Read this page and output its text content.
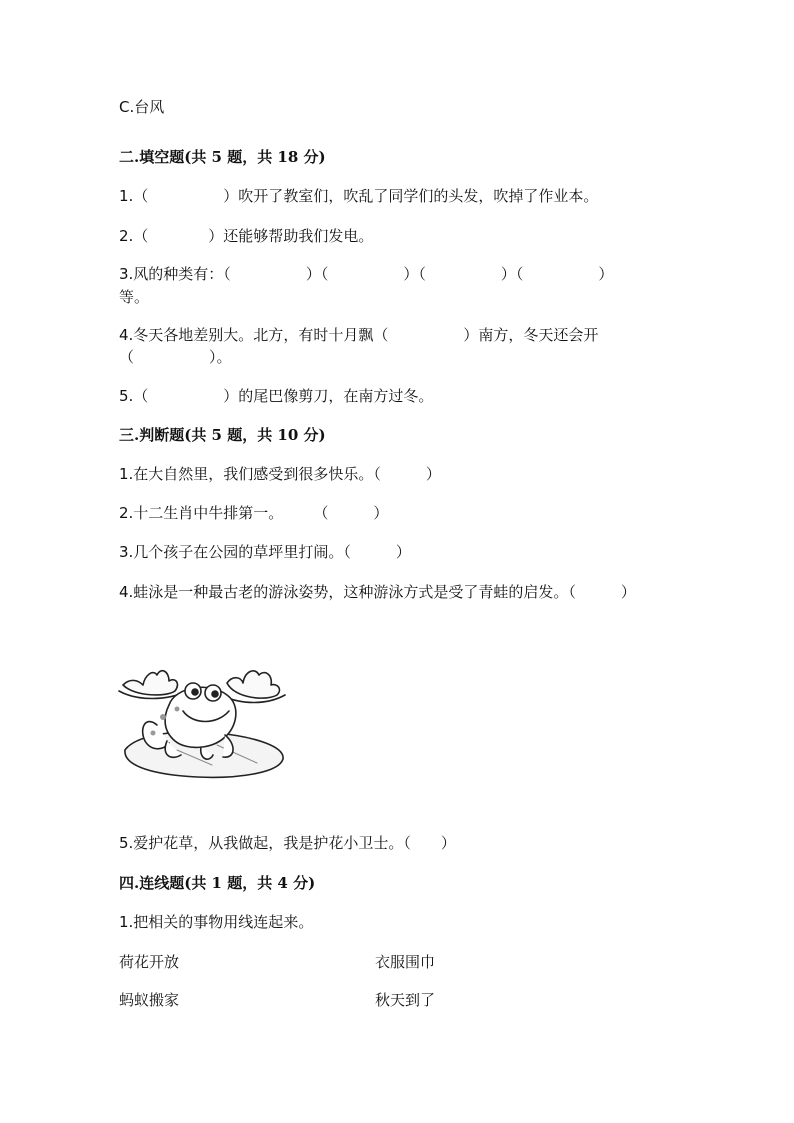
C.台风
二.填空题(共 5 题，共 18 分)
1.（　　　　　）吹开了教室们，吹乱了同学们的头发，吹掉了作业本。
2.（　　　　）还能够帮助我们发电。
3.风的种类有：（　　　　　）（　　　　　）（　　　　　）（　　　　　）
等。
4.冬天各地差别大。北方，有时十月飘（　　　　　）南方，冬天还会开
（　　　　　）。
5.（　　　　　）的尾巴像剪刀，在南方过冬。
三.判断题(共 5 题，共 10 分)
1.在大自然里，我们感受到很多快乐。（　　　）
2.十二生肖中牛排第一。　　　（　　　）
3.几个孩子在公园的草坪里打闹。（　　　）
4.蛙泳是一种最古老的游泳姿势，这种游泳方式是受了青蛙的启发。（　　　）
5.爱护花草，从我做起，我是护花小卫士。（　　）
四.连线题(共 1 题，共 4 分)
1.把相关的事物用线连起来。
荷花开放	衣服围巾
蚂蚁搬家	秋天到了
